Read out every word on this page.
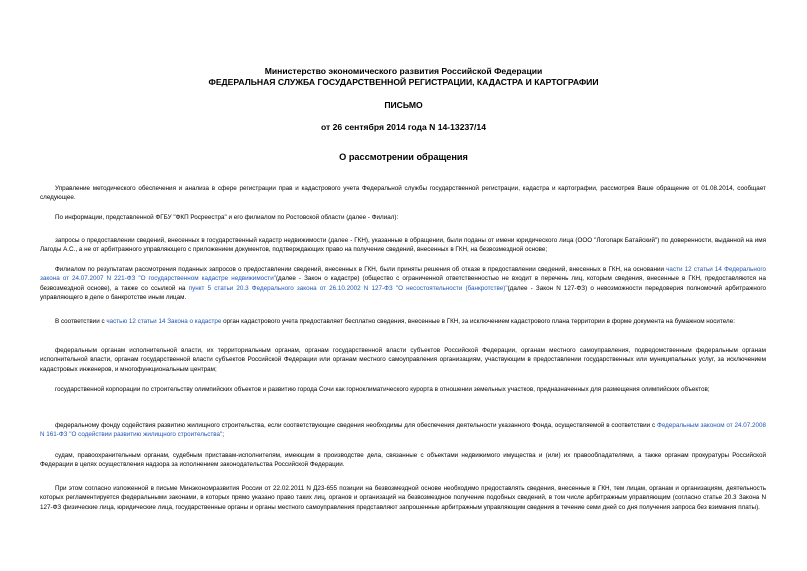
Министерство экономического развития Российской Федерации
ФЕДЕРАЛЬНАЯ СЛУЖБА ГОСУДАРСТВЕННОЙ РЕГИСТРАЦИИ, КАДАСТРА И КАРТОГРАФИИ
ПИСЬМО
от 26 сентября 2014 года N 14-13237/14
О рассмотрении обращения

Управление методического обеспечения и анализа в сфере регистрации прав и кадастрового учета Федеральной службы государственной регистрации, кадастра и картографии, рассмотрев Ваше обращение от 01.08.2014, сообщает следующее.

По информации, представленной ФГБУ "ФКП Росреестра" и его филиалом по Ростовской области (далее - Филиал):

запросы о предоставлении сведений, внесенных в государственный кадастр недвижимости (далее - ГКН), указанные в обращении, были поданы от имени юридического лица (ООО "Логопарк Батайский") по доверенности, выданной на имя Лагоды А.С., а не от арбитражного управляющего с приложением документов, подтверждающих право на получение сведений, внесенных в ГКН, на безвозмездной основе;

Филиалом по результатам рассмотрения поданных запросов о предоставлении сведений, внесенных в ГКН, были приняты решения об отказе в предоставлении сведений, внесенных в ГКН, на основании части 12 статьи 14 Федерального закона от 24.07.2007 N 221-ФЗ "О государственном кадастре недвижимости"(далее - Закон о кадастре) (общество с ограниченной ответственностью не входит в перечень лиц, которым сведения, внесенные в ГКН, предоставляются на безвозмездной основе), а также со ссылкой на пункт 5 статьи 20.3 Федерального закона от 26.10.2002 N 127-ФЗ "О несостоятельности (банкротстве)"(далее - Закон N 127-ФЗ) о невозможности передоверия полномочий арбитражного управляющего в деле о банкротстве иным лицам.

В соответствии с частью 12 статьи 14 Закона о кадастре орган кадастрового учета предоставляет бесплатно сведения, внесенные в ГКН, за исключением кадастрового плана территории в форме документа на бумажном носителе:

федеральным органам исполнительной власти, их территориальным органам, органам государственной власти субъектов Российской Федерации, органам местного самоуправления, подведомственным федеральным органам исполнительной власти, органам государственной власти субъектов Российской Федерации или органам местного самоуправления организациям, участвующим в предоставлении государственных или муниципальных услуг, за исключением кадастровых инженеров, и многофункциональным центрам;

государственной корпорации по строительству олимпийских объектов и развитию города Сочи как горноклиматического курорта в отношении земельных участков, предназначенных для размещения олимпийских объектов;

федеральному фонду содействия развитию жилищного строительства, если соответствующие сведения необходимы для обеспечения деятельности указанного Фонда, осуществляемой в соответствии с Федеральным законом от 24.07.2008 N 161-ФЗ "О содействии развитию жилищного строительства";

судам, правоохранительным органам, судебным приставам-исполнителям, имеющим в производстве дела, связанные с объектами недвижимого имущества и (или) их правообладателями, а также органам прокуратуры Российской Федерации в целях осуществления надзора за исполнением законодательства Российской Федерации.

При этом согласно изложенной в письме Минэкономразвития России от 22.02.2011 N Д23-655 позиции на безвозмездной основе необходимо предоставлять сведения, внесенные в ГКН, тем лицам, органам и организациям, деятельность которых регламентируется федеральными законами, в которых прямо указано право таких лиц, органов и организаций на безвозмездное получение подобных сведений, в том числе арбитражным управляющим (согласно статье 20.3 Закона N 127-ФЗ физические лица, юридические лица, государственные органы и органы местного самоуправления представляют запрошенные арбитражным управляющим сведения в течение семи дней со дня получения запроса без взимания платы).
